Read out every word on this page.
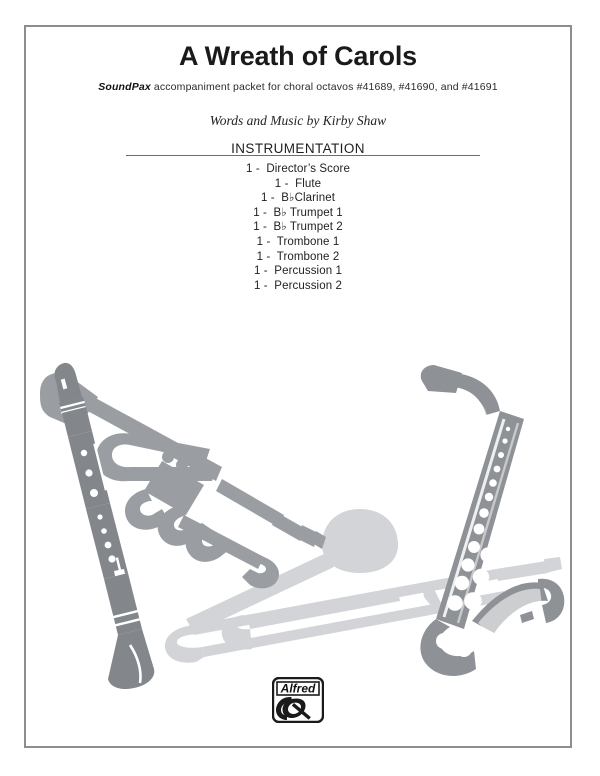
A Wreath of Carols
SoundPax accompaniment packet for choral octavos #41689, #41690, and #41691
Words and Music by Kirby Shaw
INSTRUMENTATION
1 -  Director’s Score
1 -  Flute
1 -  B♭Clarinet
1 -  B♭ Trumpet 1
1 -  B♭ Trumpet 2
1 -  Trombone 1
1 -  Trombone 2
1 -  Percussion 1
1 -  Percussion 2
Alfred
